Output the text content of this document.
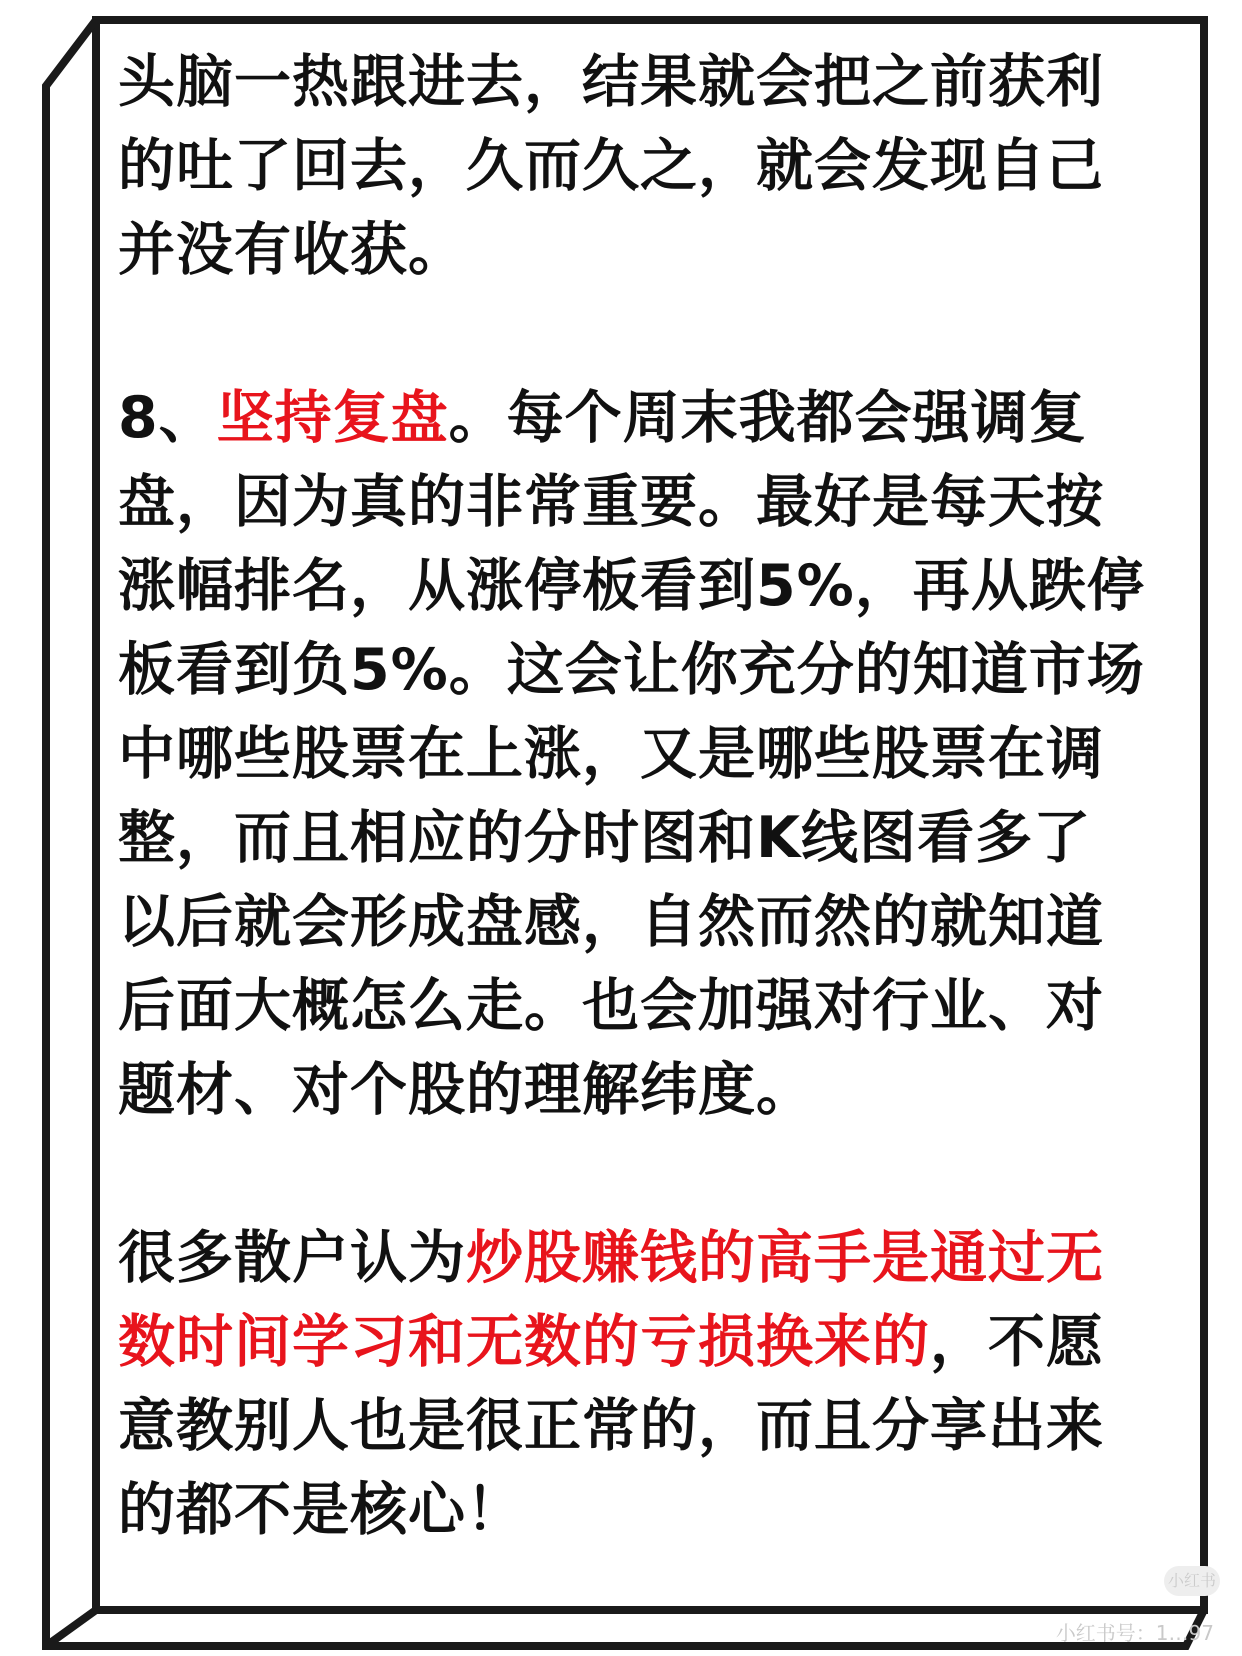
头脑一热跟进去，结果就会把之前获利
的吐了回去，久而久之，就会发现自己
并没有收获。
8、坚持复盘。每个周末我都会强调复
盘，因为真的非常重要。最好是每天按
涨幅排名，从涨停板看到5%，再从跌停
板看到负5%。这会让你充分的知道市场
中哪些股票在上涨，又是哪些股票在调
整，而且相应的分时图和K线图看多了
以后就会形成盘感，自然而然的就知道
后面大概怎么走。也会加强对行业、对
题材、对个股的理解纬度。
很多散户认为炒股赚钱的高手是通过无
数时间学习和无数的亏损换来的，不愿
意教别人也是很正常的，而且分享出来
的都不是核心！
小红书
小红书号：1…97
